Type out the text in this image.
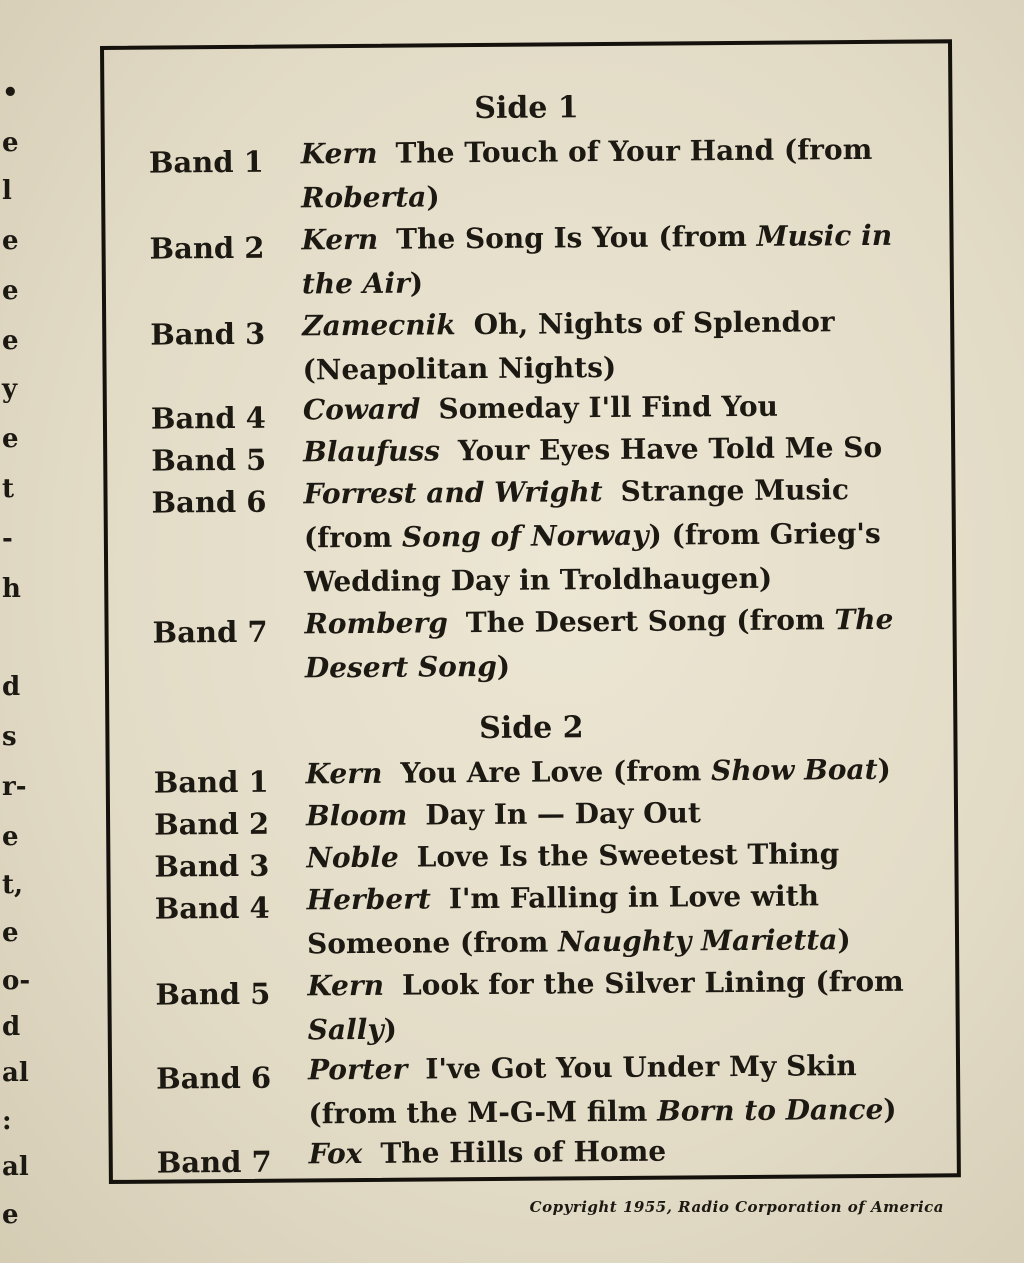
•
e
l
e
e
e
y
e
t
-
h
d
s
r-
e
t,
e
o-
d
al
:
al
e
Side 1
Band 1 Kern The Touch of Your Hand (from Roberta)
Band 2 Kern The Song Is You (from Music in the Air)
Band 3 Zamecnik Oh, Nights of Splendor (Neapolitan Nights)
Band 4 Coward Someday I'll Find You
Band 5 Blaufuss Your Eyes Have Told Me So
Band 6 Forrest and Wright Strange Music (from Song of Norway) (from Grieg's Wedding Day in Troldhaugen)
Band 7 Romberg The Desert Song (from The Desert Song)
Side 2
Band 1 Kern You Are Love (from Show Boat)
Band 2 Bloom Day In — Day Out
Band 3 Noble Love Is the Sweetest Thing
Band 4 Herbert I'm Falling in Love with Someone (from Naughty Marietta)
Band 5 Kern Look for the Silver Lining (from Sally)
Band 6 Porter I've Got You Under My Skin (from the M-G-M film Born to Dance)
Band 7 Fox The Hills of Home
Copyright 1955, Radio Corporation of America
